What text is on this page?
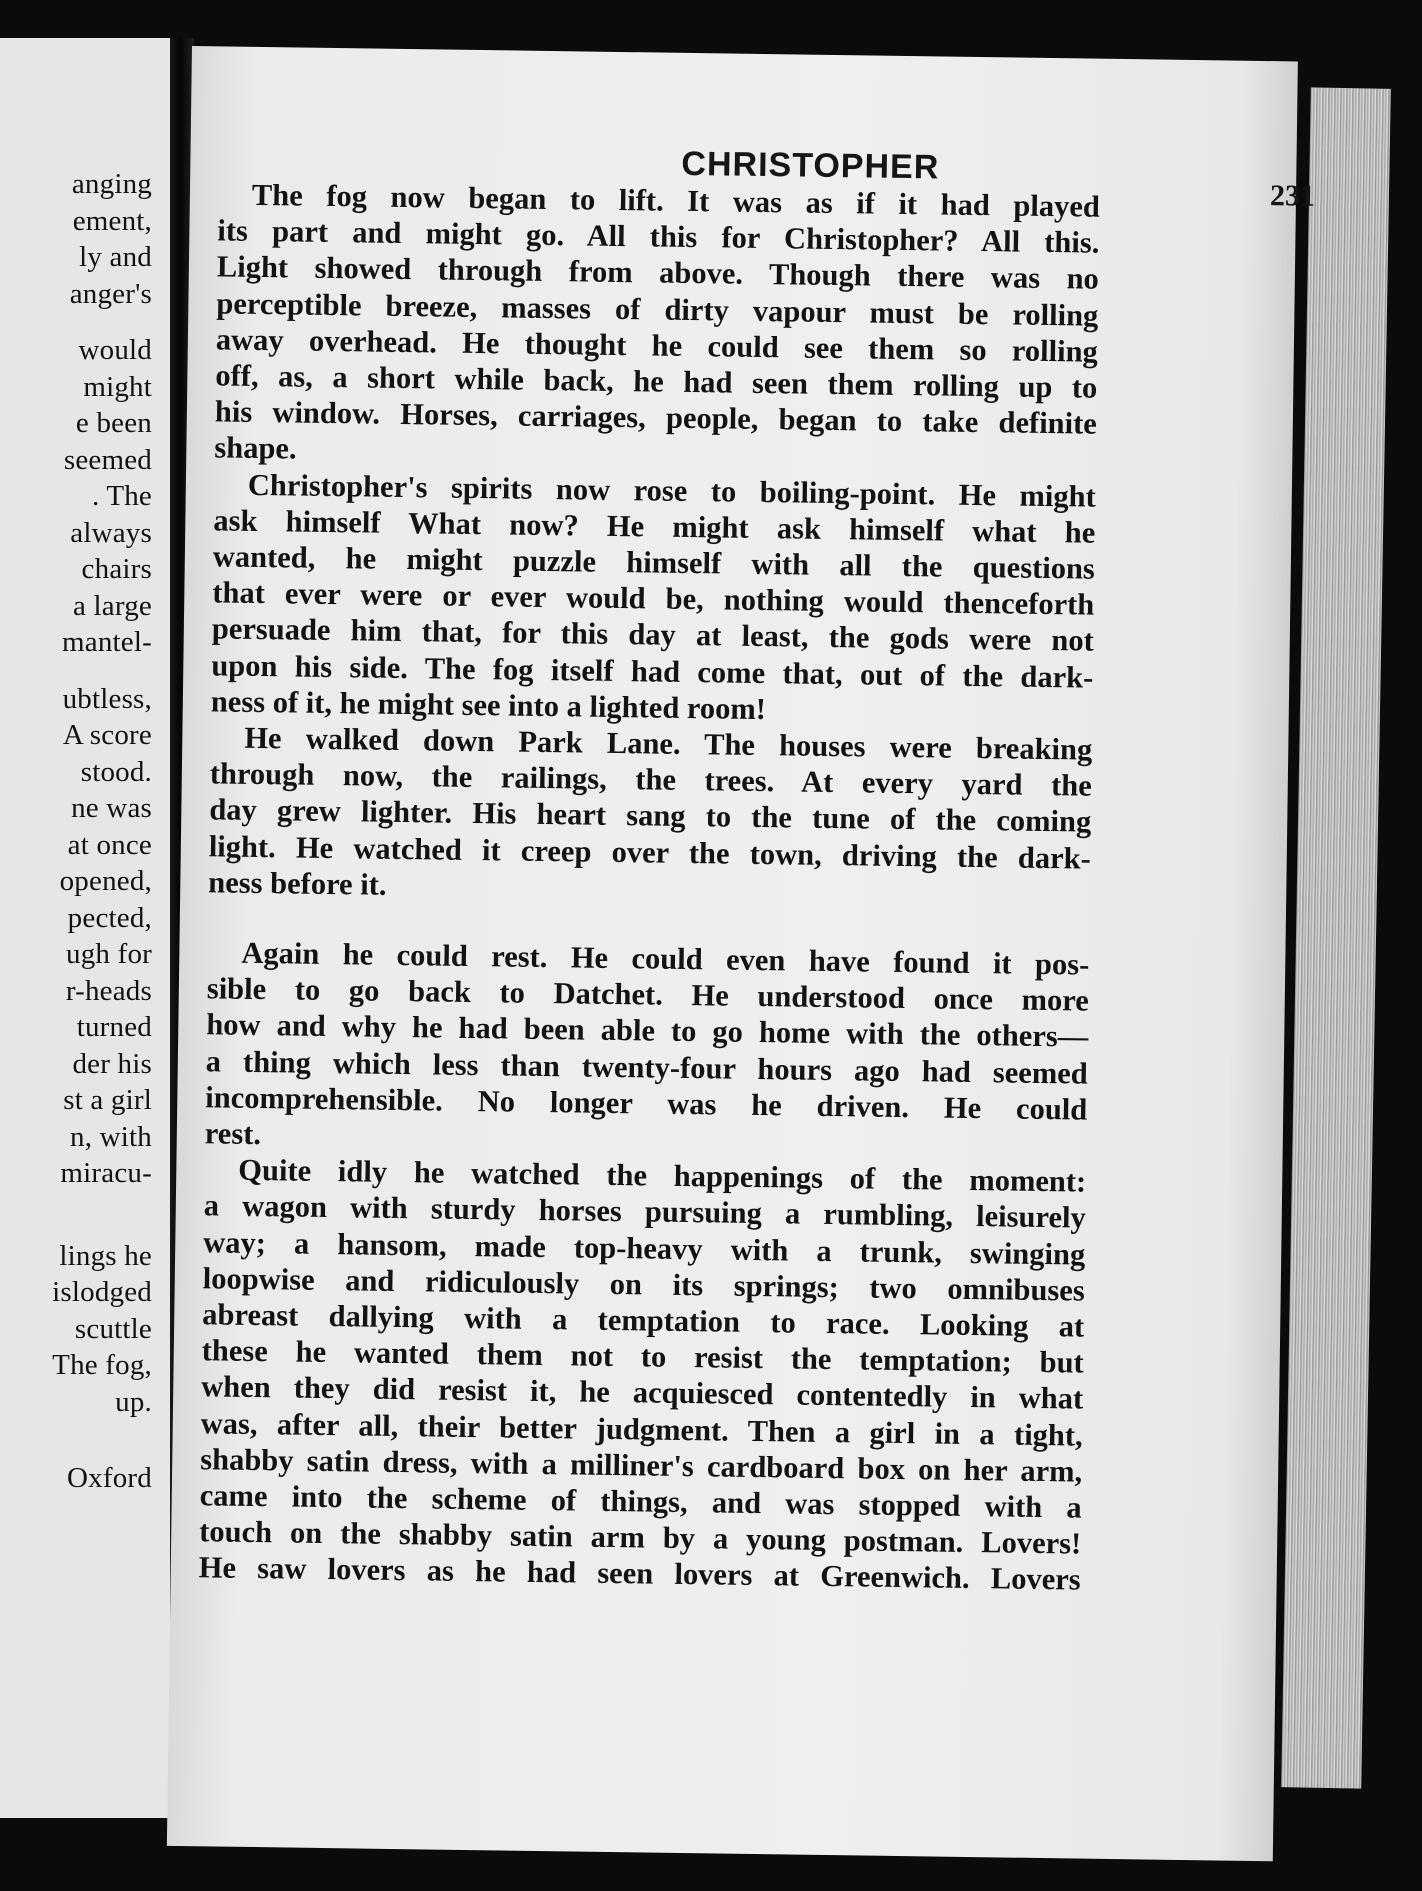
anging
ement,
ly and
anger's
would
might
e been
seemed
. The
always
chairs
a large
mantel-
ubtless,
A score
stood.
ne was
at once
opened,
pected,
ugh for
r-heads
turned
der his
st a girl
n, with
miracu-
lings he
islodged
scuttle
The fog,
up.
Oxford
CHRISTOPHER
231
The fog now began to lift. It was as if it had played
its part and might go. All this for Christopher? All this.
Light showed through from above. Though there was no
perceptible breeze, masses of dirty vapour must be rolling
away overhead. He thought he could see them so rolling
off, as, a short while back, he had seen them rolling up to
his window. Horses, carriages, people, began to take definite
shape.
Christopher's spirits now rose to boiling-point. He might
ask himself What now? He might ask himself what he
wanted, he might puzzle himself with all the questions
that ever were or ever would be, nothing would thenceforth
persuade him that, for this day at least, the gods were not
upon his side. The fog itself had come that, out of the dark-
ness of it, he might see into a lighted room!
He walked down Park Lane. The houses were breaking
through now, the railings, the trees. At every yard the
day grew lighter. His heart sang to the tune of the coming
light. He watched it creep over the town, driving the dark-
ness before it.
Again he could rest. He could even have found it pos-
sible to go back to Datchet. He understood once more
how and why he had been able to go home with the others—
a thing which less than twenty-four hours ago had seemed
incomprehensible. No longer was he driven. He could
rest.
Quite idly he watched the happenings of the moment:
a wagon with sturdy horses pursuing a rumbling, leisurely
way; a hansom, made top-heavy with a trunk, swinging
loopwise and ridiculously on its springs; two omnibuses
abreast dallying with a temptation to race. Looking at
these he wanted them not to resist the temptation; but
when they did resist it, he acquiesced contentedly in what
was, after all, their better judgment. Then a girl in a tight,
shabby satin dress, with a milliner's cardboard box on her arm,
came into the scheme of things, and was stopped with a
touch on the shabby satin arm by a young postman. Lovers!
He saw lovers as he had seen lovers at Greenwich. Lovers
